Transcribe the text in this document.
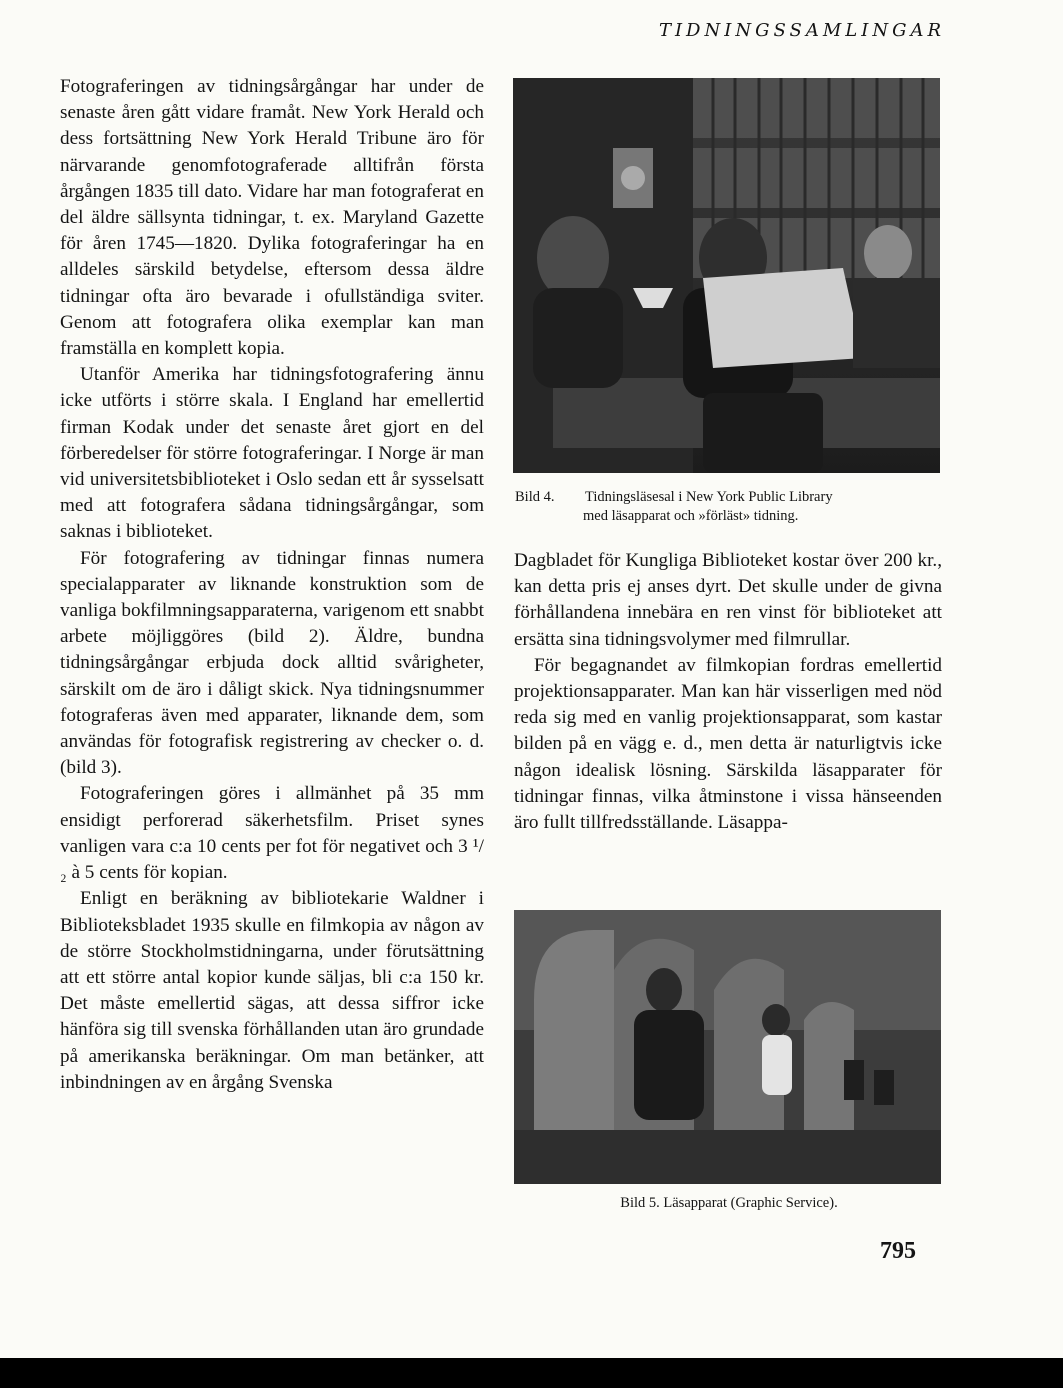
TIDNINGSSAMLINGAR

Fotograferingen av tidningsårgångar har under de senaste åren gått vidare framåt. New York Herald och dess fortsättning New York Herald Tribune äro för närvarande genomfotograferade alltifrån första årgången 1835 till dato. Vidare har man fotograferat en del äldre sällsynta tidningar, t. ex. Maryland Gazette för åren 1745—1820. Dylika fotograferingar ha en alldeles särskild betydelse, eftersom dessa äldre tidningar ofta äro bevarade i ofullständiga sviter. Genom att fotografera olika exemplar kan man framställa en komplett kopia.

Utanför Amerika har tidningsfotografering ännu icke utförts i större skala. I England har emellertid firman Kodak under det senaste året gjort en del förberedelser för större fotograferingar. I Norge är man vid universitetsbiblioteket i Oslo sedan ett år sysselsatt med att fotografera sådana tidningsårgångar, som saknas i biblioteket.

För fotografering av tidningar finnas numera specialapparater av liknande konstruktion som de vanliga bokfilmningsapparaterna, varigenom ett snabbt arbete möjliggöres (bild 2). Äldre, bundna tidningsårgångar erbjuda dock alltid svårigheter, särskilt om de äro i dåligt skick. Nya tidningsnummer fotograferas även med apparater, liknande dem, som användas för fotografisk registrering av checker o. d. (bild 3).

Fotograferingen göres i allmänhet på 35 mm ensidigt perforerad säkerhetsfilm. Priset synes vanligen vara c:a 10 cents per fot för negativet och 3 ¹/₂ à 5 cents för kopian.

Enligt en beräkning av bibliotekarie Waldner i Biblioteksbladet 1935 skulle en filmkopia av någon av de större Stockholmstidningarna, under förutsättning att ett större antal kopior kunde säljas, bli c:a 150 kr. Det måste emellertid sägas, att dessa siffror icke hänföra sig till svenska förhållanden utan äro grundade på amerikanska beräkningar. Om man betänker, att inbindningen av en årgång Svenska

Bild 4. Tidningsläsesal i New York Public Library
med läsapparat och »förläst» tidning.

Dagbladet för Kungliga Biblioteket kostar över 200 kr., kan detta pris ej anses dyrt. Det skulle under de givna förhållandena innebära en ren vinst för biblioteket att ersätta sina tidningsvolymer med filmrullar.

För begagnandet av filmkopian fordras emellertid projektionsapparater. Man kan här visserligen med nöd reda sig med en vanlig projektionsapparat, som kastar bilden på en vägg e. d., men detta är naturligtvis icke någon idealisk lösning. Särskilda läsapparater för tidningar finnas, vilka åtminstone i vissa hänseenden äro fullt tillfredsställande. Läsappa-

Bild 5. Läsapparat (Graphic Service).
795
